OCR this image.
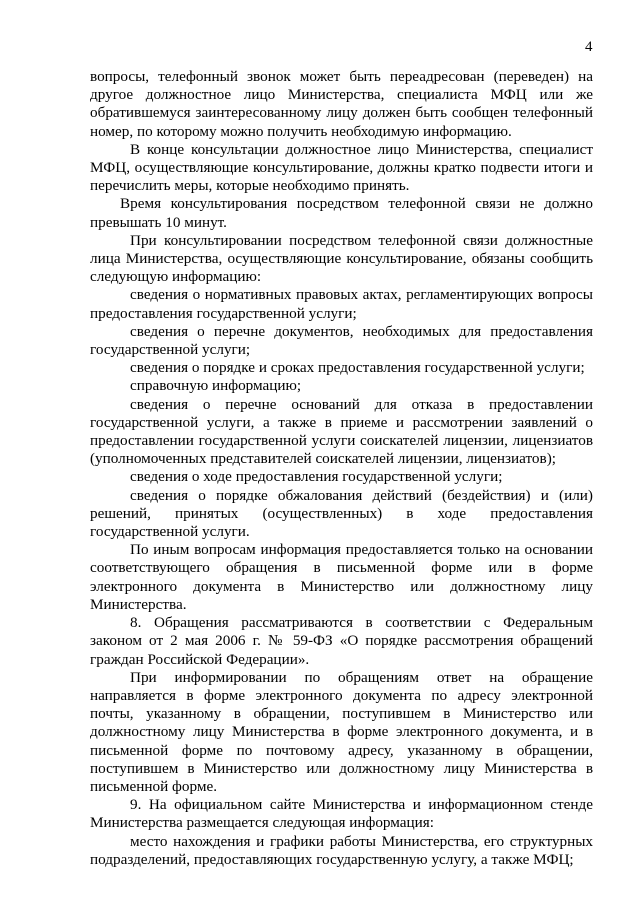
4

вопросы, телефонный звонок может быть переадресован (переведен) на другое должностное лицо Министерства, специалиста МФЦ или же обратившемуся заинтересованному лицу должен быть сообщен телефонный номер, по которому можно получить необходимую информацию.

В конце консультации должностное лицо Министерства, специалист МФЦ, осуществляющие консультирование, должны кратко подвести итоги и перечислить меры, которые необходимо принять.

Время консультирования посредством телефонной связи не должно превышать 10 минут.

При консультировании посредством телефонной связи должностные лица Министерства, осуществляющие консультирование, обязаны сообщить следующую информацию:

сведения о нормативных правовых актах, регламентирующих вопросы предоставления государственной услуги;

сведения о перечне документов, необходимых для предоставления государственной услуги;

сведения о порядке и сроках предоставления государственной услуги;

справочную информацию;

сведения о перечне оснований для отказа в предоставлении государственной услуги, а также в приеме и рассмотрении заявлений о предоставлении государственной услуги соискателей лицензии, лицензиатов (уполномоченных представителей соискателей лицензии, лицензиатов);

сведения о ходе предоставления государственной услуги;

сведения о порядке обжалования действий (бездействия) и (или) решений, принятых (осуществленных) в ходе предоставления государственной услуги.

По иным вопросам информация предоставляется только на основании соответствующего обращения в письменной форме или в форме электронного документа в Министерство или должностному лицу Министерства.

8. Обращения рассматриваются в соответствии с Федеральным законом от 2 мая 2006 г. № 59-ФЗ «О порядке рассмотрения обращений граждан Российской Федерации».

При информировании по обращениям ответ на обращение направляется в форме электронного документа по адресу электронной почты, указанному в обращении, поступившем в Министерство или должностному лицу Министерства в форме электронного документа, и в письменной форме по почтовому адресу, указанному в обращении, поступившем в Министерство или должностному лицу Министерства в письменной форме.

9. На официальном сайте Министерства и информационном стенде Министерства размещается следующая информация:

место нахождения и графики работы Министерства, его структурных подразделений, предоставляющих государственную услугу, а также МФЦ;
